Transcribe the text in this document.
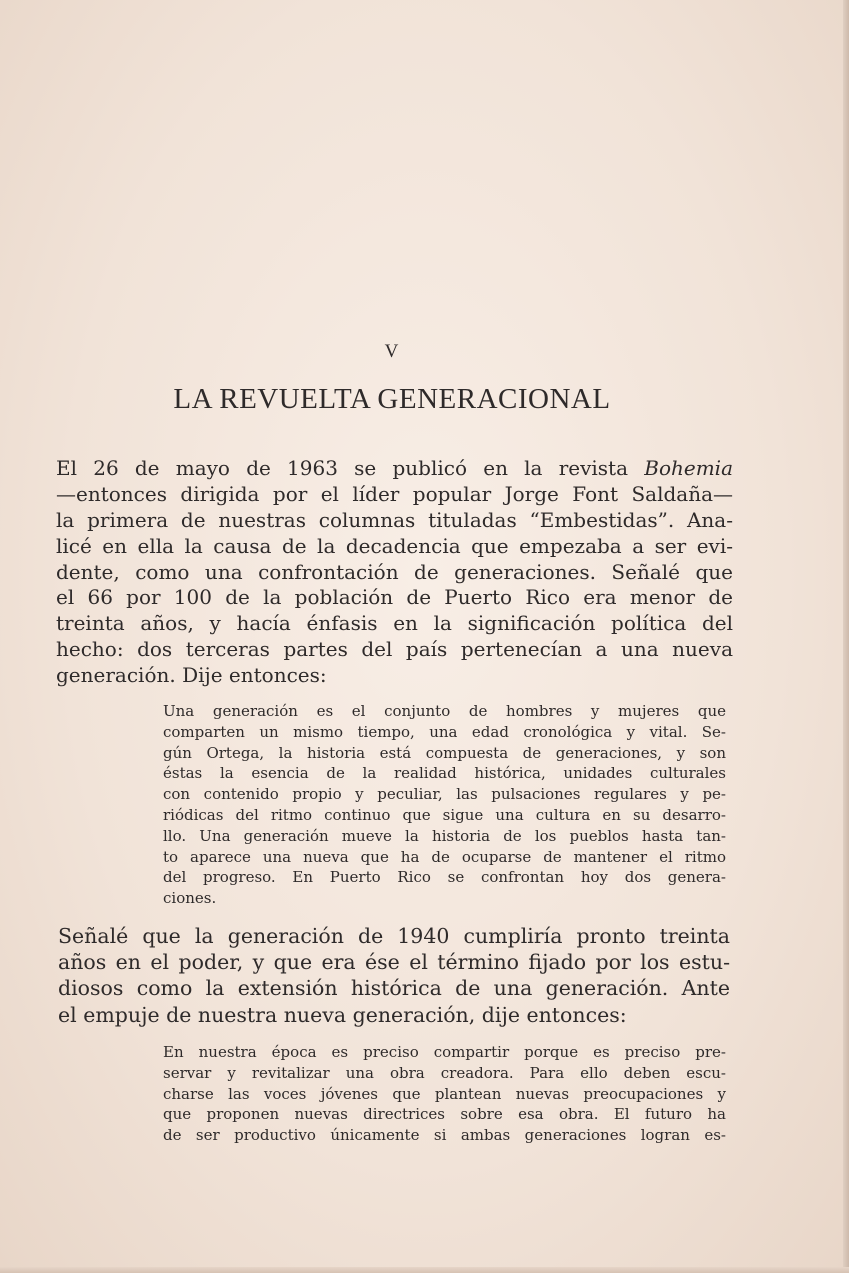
V
LA REVUELTA GENERACIONAL
El 26 de mayo de 1963 se publicó en la revista Bohemia
—entonces dirigida por el líder popular Jorge Font Saldaña—
la primera de nuestras columnas tituladas “Embestidas”. Ana-
licé en ella la causa de la decadencia que empezaba a ser evi-
dente, como una confrontación de generaciones. Señalé que
el 66 por 100 de la población de Puerto Rico era menor de
treinta años, y hacía énfasis en la significación política del
hecho: dos terceras partes del país pertenecían a una nueva
generación. Dije entonces:
Una generación es el conjunto de hombres y mujeres que
comparten un mismo tiempo, una edad cronológica y vital. Se-
gún Ortega, la historia está compuesta de generaciones, y son
éstas la esencia de la realidad histórica, unidades culturales
con contenido propio y peculiar, las pulsaciones regulares y pe-
riódicas del ritmo continuo que sigue una cultura en su desarro-
llo. Una generación mueve la historia de los pueblos hasta tan-
to aparece una nueva que ha de ocuparse de mantener el ritmo
del progreso. En Puerto Rico se confrontan hoy dos genera-
ciones.
Señalé que la generación de 1940 cumpliría pronto treinta
años en el poder, y que era ése el término fijado por los estu-
diosos como la extensión histórica de una generación. Ante
el empuje de nuestra nueva generación, dije entonces:
En nuestra época es preciso compartir porque es preciso pre-
servar y revitalizar una obra creadora. Para ello deben escu-
charse las voces jóvenes que plantean nuevas preocupaciones y
que proponen nuevas directrices sobre esa obra. El futuro ha
de ser productivo únicamente si ambas generaciones logran es-
